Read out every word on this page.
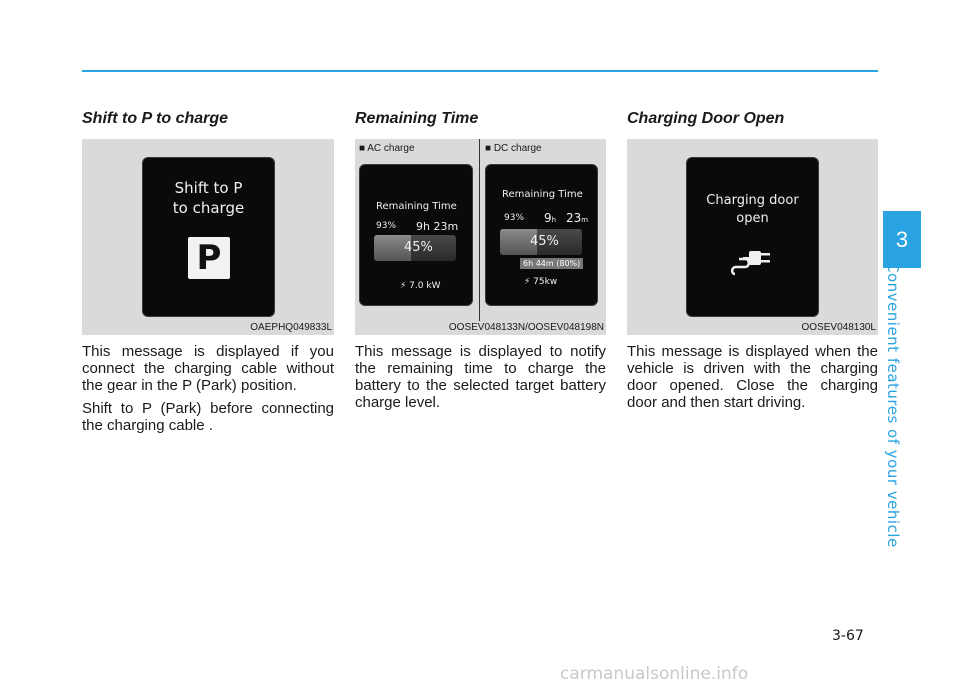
3
Convenient features of your vehicle
Shift to P to charge
Shift to P
to charge
P
OAEPHQ049833L

This message is displayed if you connect the charging cable without the gear in the P (Park) position.

Shift to P (Park) before connecting the charging cable .

Remaining Time
■ AC charge	■ DC charge
Remaining Time
93% 9h 23m
45%
⚡ 7.0 kW
Remaining Time
93% 9h 23m
45%
6h 44m (80%)
⚡ 75kw
OOSEV048133N/OOSEV048198N

This message is displayed to notify the remaining time to charge the battery to the selected target battery charge level.

Charging Door Open
Charging door
open
OOSEV048130L

This message is displayed when the vehicle is driven with the charging door opened. Close the charging door and then start driving.

3-67
carmanualsonline.info
